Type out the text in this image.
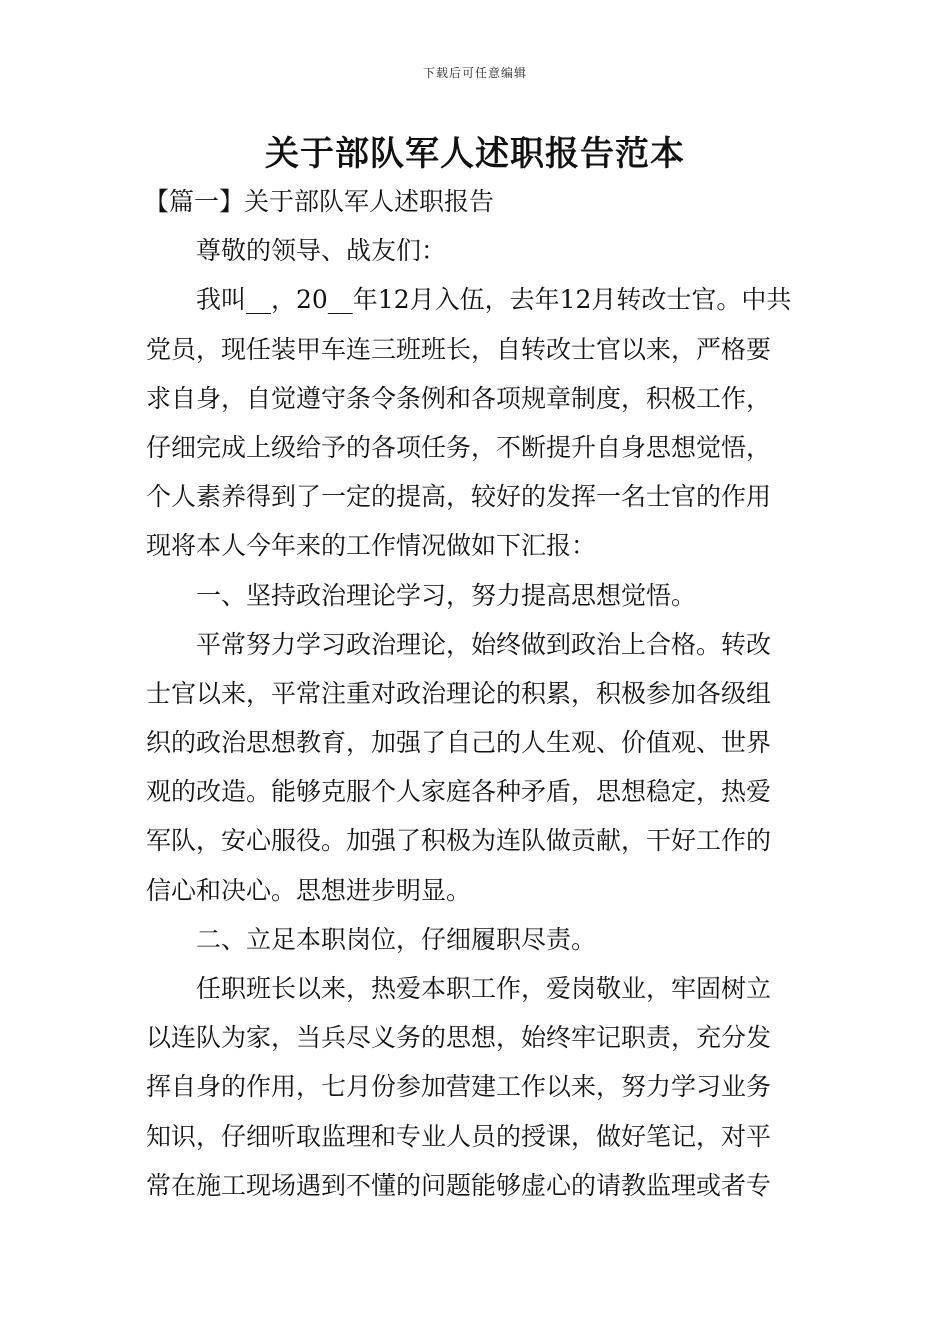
下载后可任意编辑
关于部队军人述职报告范本
【篇一】关于部队军人述职报告
尊敬的领导、战友们：
我叫__，20__年12月入伍，去年12月转改士官。中共
党员，现任装甲车连三班班长，自转改士官以来，严格要
求自身，自觉遵守条令条例和各项规章制度，积极工作，
仔细完成上级给予的各项任务，不断提升自身思想觉悟，
个人素养得到了一定的提高，较好的发挥一名士官的作用
现将本人今年来的工作情况做如下汇报：
一、坚持政治理论学习，努力提高思想觉悟。
平常努力学习政治理论，始终做到政治上合格。转改
士官以来，平常注重对政治理论的积累，积极参加各级组
织的政治思想教育，加强了自己的人生观、价值观、世界
观的改造。能够克服个人家庭各种矛盾，思想稳定，热爱
军队，安心服役。加强了积极为连队做贡献，干好工作的
信心和决心。思想进步明显。
二、立足本职岗位，仔细履职尽责。
任职班长以来，热爱本职工作，爱岗敬业，牢固树立
以连队为家，当兵尽义务的思想，始终牢记职责，充分发
挥自身的作用，七月份参加营建工作以来，努力学习业务
知识，仔细听取监理和专业人员的授课，做好笔记，对平
常在施工现场遇到不懂的问题能够虚心的请教监理或者专
